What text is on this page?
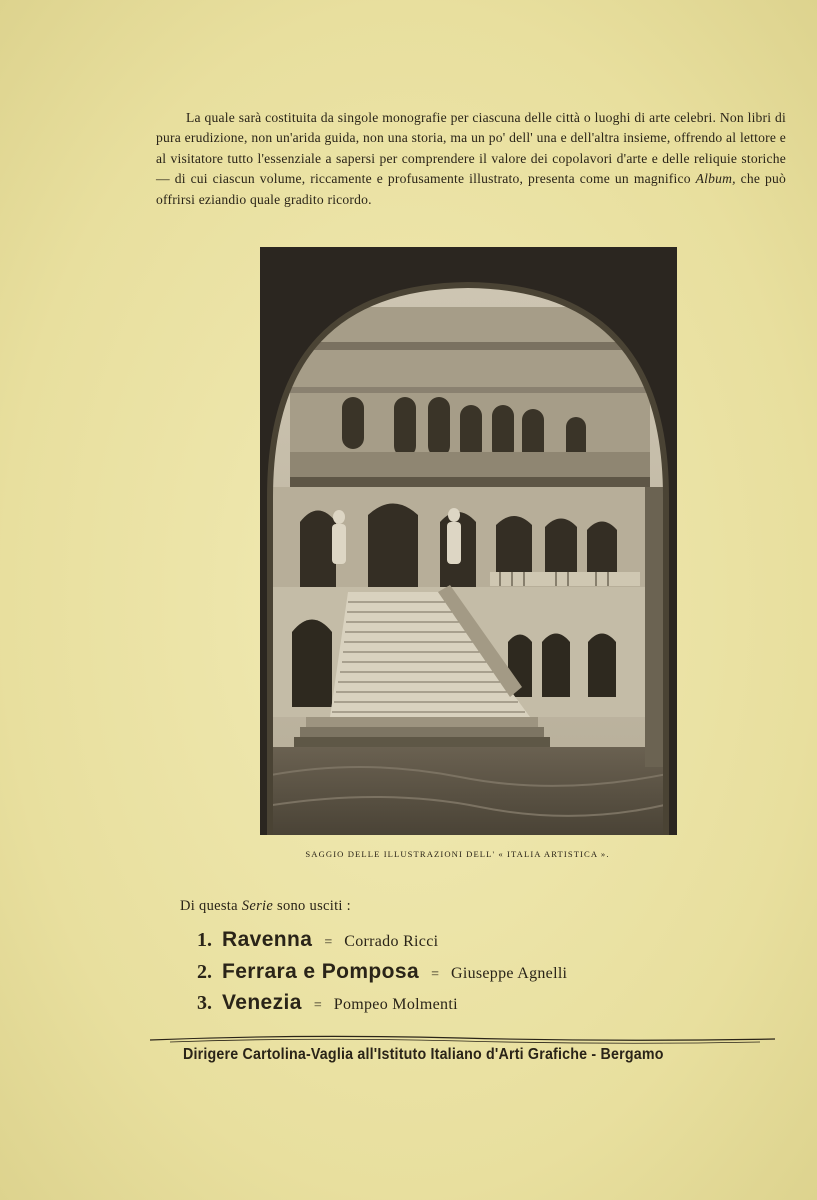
La quale sarà costituita da singole monografie per ciascuna delle città o luoghi di arte celebri. Non libri di pura erudizione, non un'arida guida, non una storia, ma un po' dell' una e dell'altra insieme, offrendo al lettore e al visitatore tutto l'essenziale a sapersi per comprendere il valore dei copolavori d'arte e delle reliquie storiche — di cui ciascun volume, riccamente e profusamente illustrato, presenta come un magnifico Album, che può offrirsi eziandio quale gradito ricordo.

SAGGIO DELLE ILLUSTRAZIONI DELL' « ITALIA ARTISTICA ».
Di questa Serie sono usciti :
1. Ravenna = Corrado Ricci
2. Ferrara e Pomposa = Giuseppe Agnelli
3. Venezia = Pompeo Molmenti
Dirigere Cartolina-Vaglia all'Istituto Italiano d'Arti Grafiche - Bergamo
